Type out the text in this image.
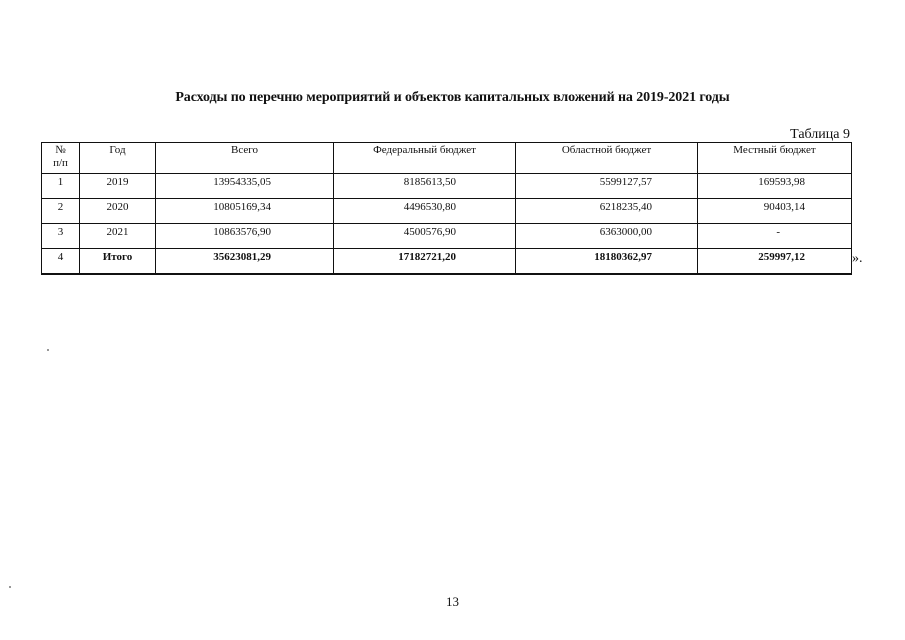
Расходы по перечню мероприятий и объектов капитальных вложений на 2019-2021 годы
Таблица 9
№
п/п	Год	Всего	Федеральный бюджет	Областной бюджет	Местный бюджет
1	2019	13954335,05	8185613,50	5599127,57	169593,98
2	2020	10805169,34	4496530,80	6218235,40	90403,14
3	2021	10863576,90	4500576,90	6363000,00	-
4	Итого	35623081,29	17182721,20	18180362,97	259997,12	».
13
